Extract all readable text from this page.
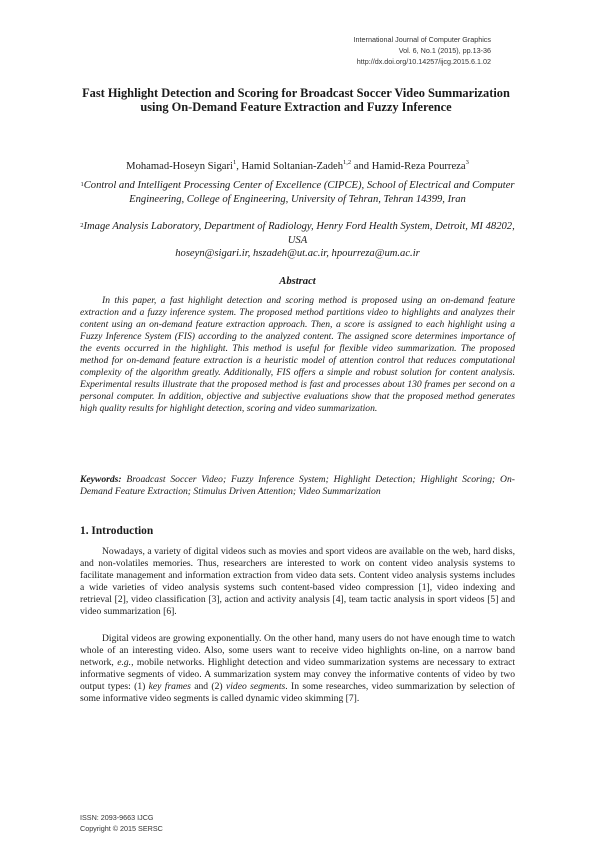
International Journal of Computer Graphics
Vol. 6, No.1 (2015), pp.13-36
http://dx.doi.org/10.14257/ijcg.2015.6.1.02
Fast Highlight Detection and Scoring for Broadcast Soccer Video Summarization using On-Demand Feature Extraction and Fuzzy Inference
Mohamad-Hoseyn Sigari$^1$, Hamid Soltanian-Zadeh$^{1,2}$ and Hamid-Reza Pourreza$^3$
$^1$Control and Intelligent Processing Center of Excellence (CIPCE), School of Electrical and Computer Engineering, College of Engineering, University of Tehran, Tehran 14399, Iran
$^2$Image Analysis Laboratory, Department of Radiology, Henry Ford Health System, Detroit, MI 48202, USA
hoseyn@sigari.ir, hszadeh@ut.ac.ir, hpourreza@um.ac.ir
Abstract

In this paper, a fast highlight detection and scoring method is proposed using an on-demand feature extraction and a fuzzy inference system. The proposed method partitions video to highlights and analyzes their content using an on-demand feature extraction approach. Then, a score is assigned to each highlight using a Fuzzy Inference System (FIS) according to the analyzed content. The assigned score determines importance of the events occurred in the highlight. This method is useful for flexible video summarization. The proposed method for on-demand feature extraction is a heuristic model of attention control that reduces computational complexity of the algorithm greatly. Additionally, FIS offers a simple and robust solution for content analysis. Experimental results illustrate that the proposed method is fast and processes about 130 frames per second on a personal computer. In addition, objective and subjective evaluations show that the proposed method generates high quality results for highlight detection, scoring and video summarization.

Keywords: Broadcast Soccer Video; Fuzzy Inference System; Highlight Detection; Highlight Scoring; On-Demand Feature Extraction; Stimulus Driven Attention; Video Summarization

1. Introduction

Nowadays, a variety of digital videos such as movies and sport videos are available on the web, hard disks, and non-volatiles memories. Thus, researchers are interested to work on content video analysis systems to facilitate management and information extraction from video data sets. Content video analysis systems includes a wide varieties of video analysis systems such content-based video compression [1], video indexing and retrieval [2], video classification [3], action and activity analysis [4], team tactic analysis in sport videos [5] and video summarization [6].

Digital videos are growing exponentially. On the other hand, many users do not have enough time to watch whole of an interesting video. Also, some users want to receive video highlights on-line, on a narrow band network, e.g., mobile networks. Highlight detection and video summarization systems are necessary to extract informative segments of video. A summarization system may convey the informative contents of video by two output types: (1) key frames and (2) video segments. In some researches, video summarization by selection of some informative video segments is called dynamic video skimming [7].

ISSN: 2093-9663 IJCG
Copyright © 2015 SERSC
